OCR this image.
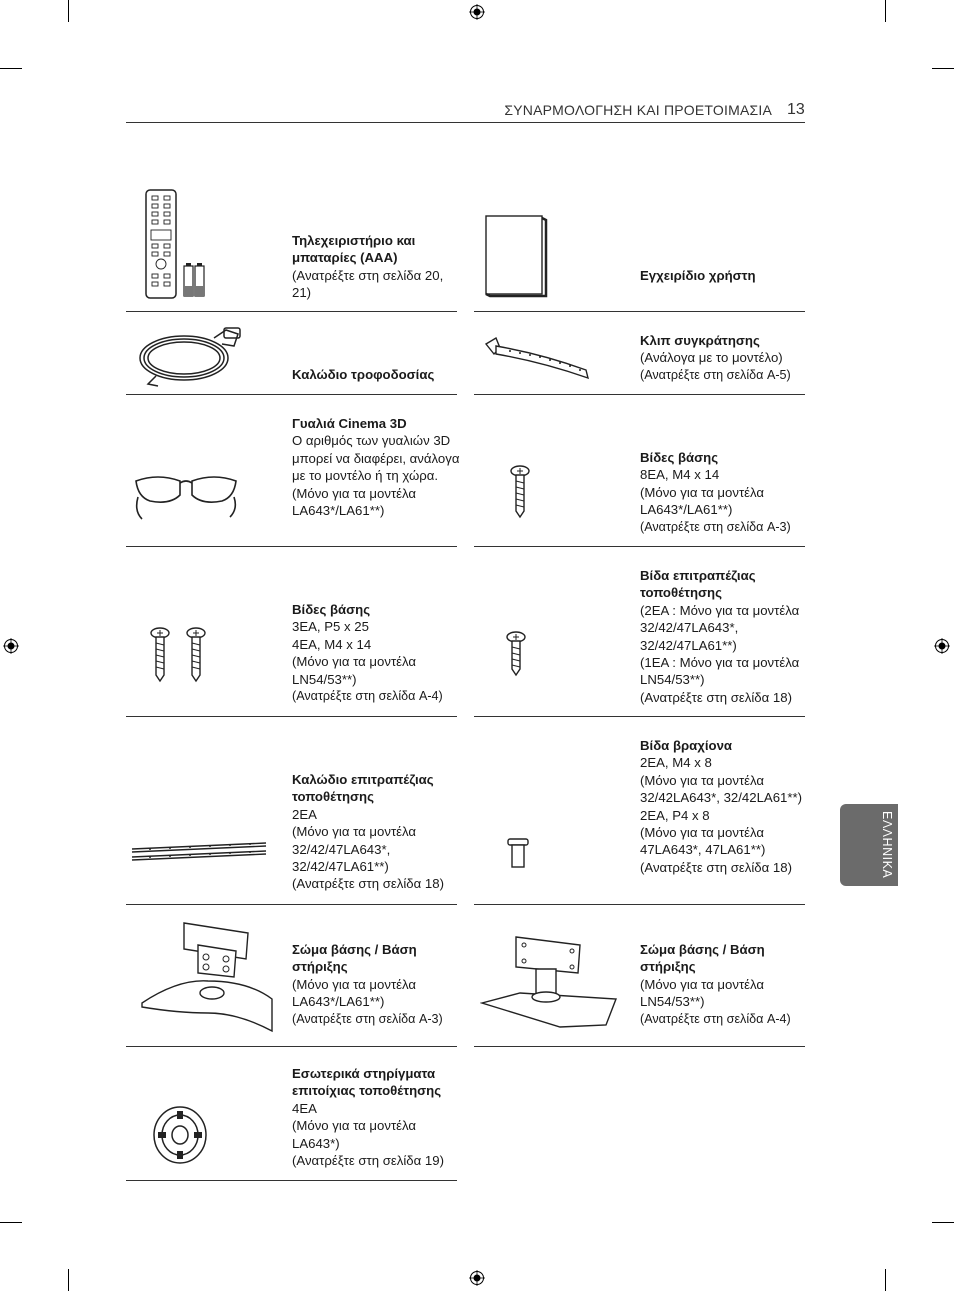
ΣΥΝΑΡΜΟΛΟΓΗΣΗ ΚΑΙ ΠΡΟΕΤΟΙΜΑΣΙΑ 13
ΕΛΛΗΝΙΚΑ
Τηλεχειριστήριο και μπαταρίες (AAA)
(Ανατρέξτε στη σελίδα 20, 21)
Καλώδιο τροφοδοσίας
Γυαλιά Cinema 3D
Ο αριθμός των γυαλιών 3D μπορεί να διαφέρει, ανάλογα με το μοντέλο ή τη χώρα.
(Μόνο για τα μοντέλα LA643*/LA61**)
Βίδες βάσης
3EA, P5 x 25
4EA, M4 x 14
(Μόνο για τα μοντέλα LN54/53**)
(Ανατρέξτε στη σελίδα A-4)
Καλώδιο επιτραπέζιας τοποθέτησης
2EA
(Μόνο για τα μοντέλα 32/42/47LA643*, 32/42/47LA61**)
(Ανατρέξτε στη σελίδα 18)
Σώμα βάσης / Βάση στήριξης
(Μόνο για τα μοντέλα LA643*/LA61**)
(Ανατρέξτε στη σελίδα A-3)
Εσωτερικά στηρίγματα επιτοίχιας τοποθέτησης
4EA
(Μόνο για τα μοντέλα LA643*)
(Ανατρέξτε στη σελίδα 19)
Εγχειρίδιο χρήστη
Κλιπ συγκράτησης
(Ανάλογα με το μοντέλο)
(Ανατρέξτε στη σελίδα A-5)
Βίδες βάσης
8EA, M4 x 14
(Μόνο για τα μοντέλα LA643*/LA61**)
(Ανατρέξτε στη σελίδα A-3)
Βίδα επιτραπέζιας τοποθέτησης
(2EA : Μόνο για τα μοντέλα 32/42/47LA643*, 32/42/47LA61**)
(1EA : Μόνο για τα μοντέλα LN54/53**)
(Ανατρέξτε στη σελίδα 18)
Βίδα βραχίονα
2EA, M4 x 8
(Μόνο για τα μοντέλα 32/42LA643*, 32/42LA61**)
2EA, P4 x 8
(Μόνο για τα μοντέλα 47LA643*, 47LA61**)
(Ανατρέξτε στη σελίδα 18)
Σώμα βάσης / Βάση στήριξης
(Μόνο για τα μοντέλα LN54/53**)
(Ανατρέξτε στη σελίδα A-4)
